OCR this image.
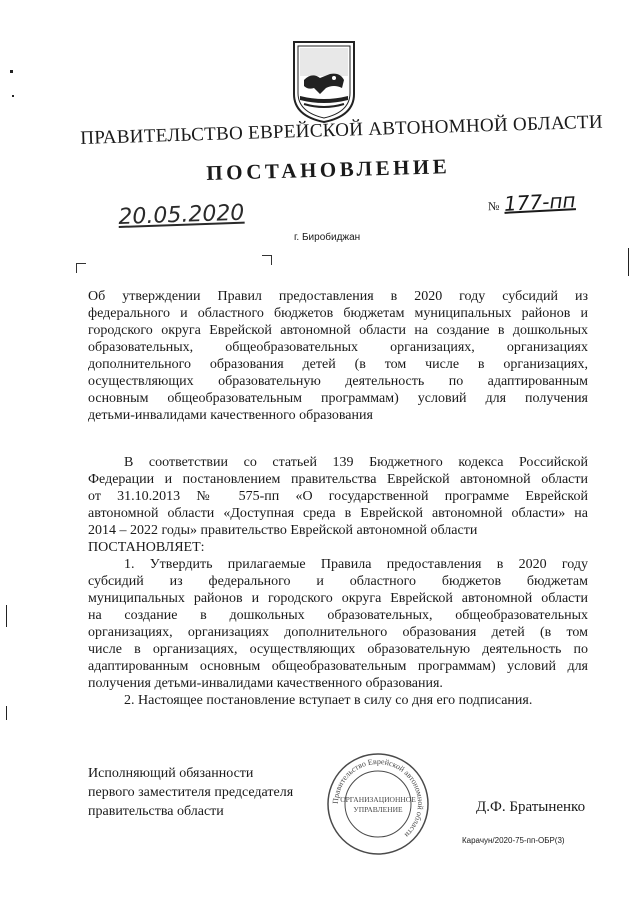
ПРАВИТЕЛЬСТВО ЕВРЕЙСКОЙ АВТОНОМНОЙ ОБЛАСТИ
ПОСТАНОВЛЕНИЕ
20.05.2020	№ 177-пп
г. Биробиджан
Об утверждении Правил предоставления в 2020 году субсидий из
федерального и областного бюджетов бюджетам муниципальных районов и
городского округа Еврейской автономной области на создание в дошкольных
образовательных, общеобразовательных организациях, организациях
дополнительного образования детей (в том числе в организациях,
осуществляющих образовательную деятельность по адаптированным
основным общеобразовательным программам) условий для получения
детьми-инвалидами качественного образования
В соответствии со статьей 139 Бюджетного кодекса Российской
Федерации и постановлением правительства Еврейской автономной области
от 31.10.2013 № 575-пп «О государственной программе Еврейской
автономной области «Доступная среда в Еврейской автономной области» на
2014 – 2022 годы» правительство Еврейской автономной области
ПОСТАНОВЛЯЕТ:
1. Утвердить прилагаемые Правила предоставления в 2020 году
субсидий из федерального и областного бюджетов бюджетам
муниципальных районов и городского округа Еврейской автономной области
на создание в дошкольных образовательных, общеобразовательных
организациях, организациях дополнительного образования детей (в том
числе в организациях, осуществляющих образовательную деятельность по
адаптированным основным общеобразовательным программам) условий для
получения детьми-инвалидами качественного образования.
2. Настоящее постановление вступает в силу со дня его подписания.
Исполняющий обязанности
первого заместителя председателя
правительства области
Правительство Еврейской автономной области
ОРГАНИЗАЦИОННОЕ
УПРАВЛЕНИЕ	Д.Ф. Братыненко
Карачун/2020-75-пп-ОБР(3)
